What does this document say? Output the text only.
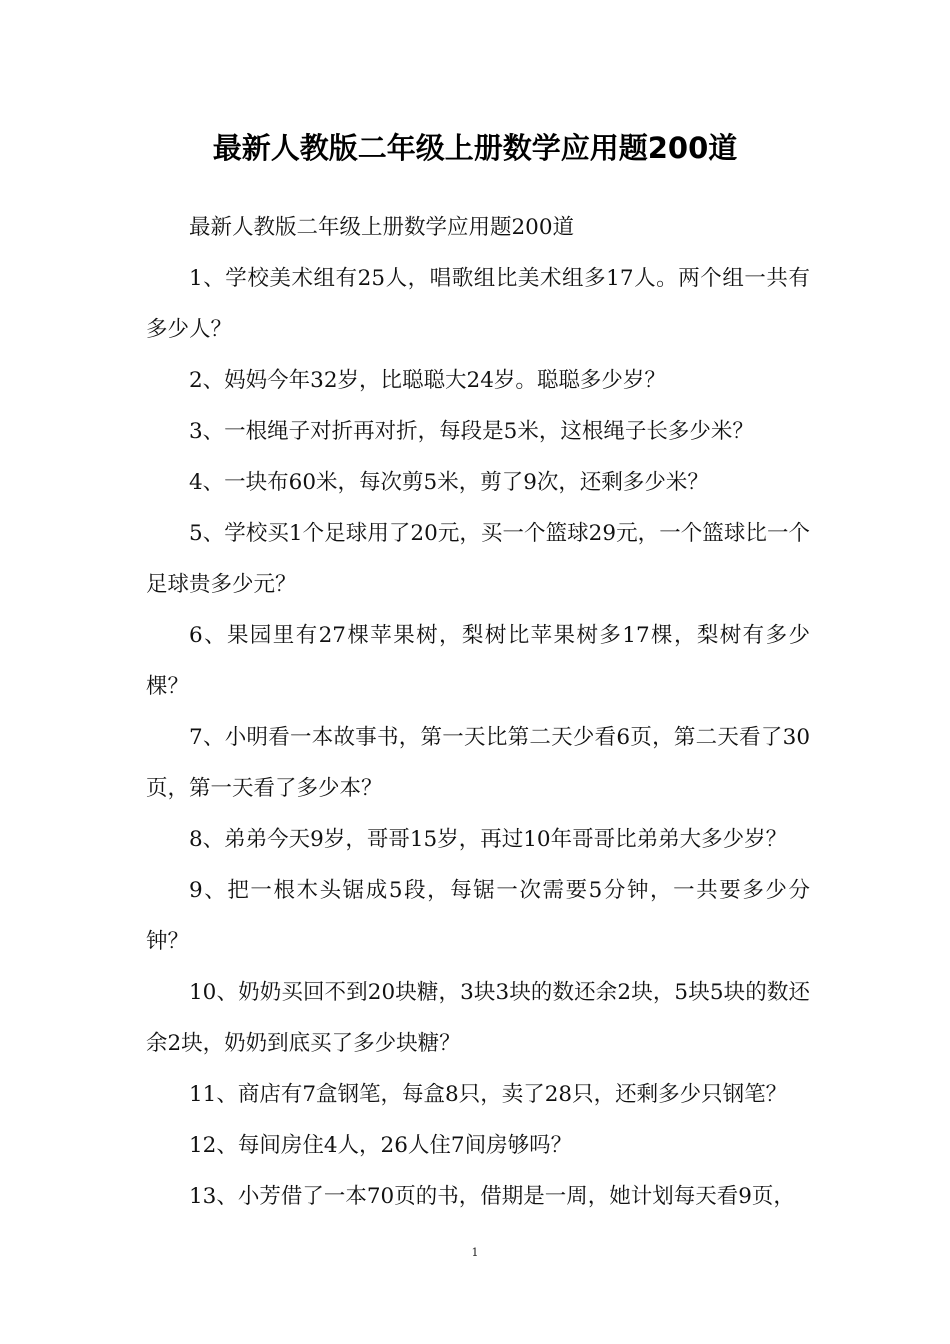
最新人教版二年级上册数学应用题200道

最新人教版二年级上册数学应用题200道

1、学校美术组有25人，唱歌组比美术组多17人。两个组一共有多少人？

2、妈妈今年32岁，比聪聪大24岁。聪聪多少岁？

3、一根绳子对折再对折，每段是5米，这根绳子长多少米？

4、一块布60米，每次剪5米，剪了9次，还剩多少米？

5、学校买1个足球用了20元，买一个篮球29元，一个篮球比一个足球贵多少元？

6、果园里有27棵苹果树，梨树比苹果树多17棵，梨树有多少棵？

7、小明看一本故事书，第一天比第二天少看6页，第二天看了30页，第一天看了多少本？

8、弟弟今天9岁，哥哥15岁，再过10年哥哥比弟弟大多少岁？

9、把一根木头锯成5段，每锯一次需要5分钟，一共要多少分钟？

10、奶奶买回不到20块糖，3块3块的数还余2块，5块5块的数还余2块，奶奶到底买了多少块糖？

11、商店有7盒钢笔，每盒8只，卖了28只，还剩多少只钢笔？

12、每间房住4人，26人住7间房够吗？

13、小芳借了一本70页的书，借期是一周，她计划每天看9页，

1
